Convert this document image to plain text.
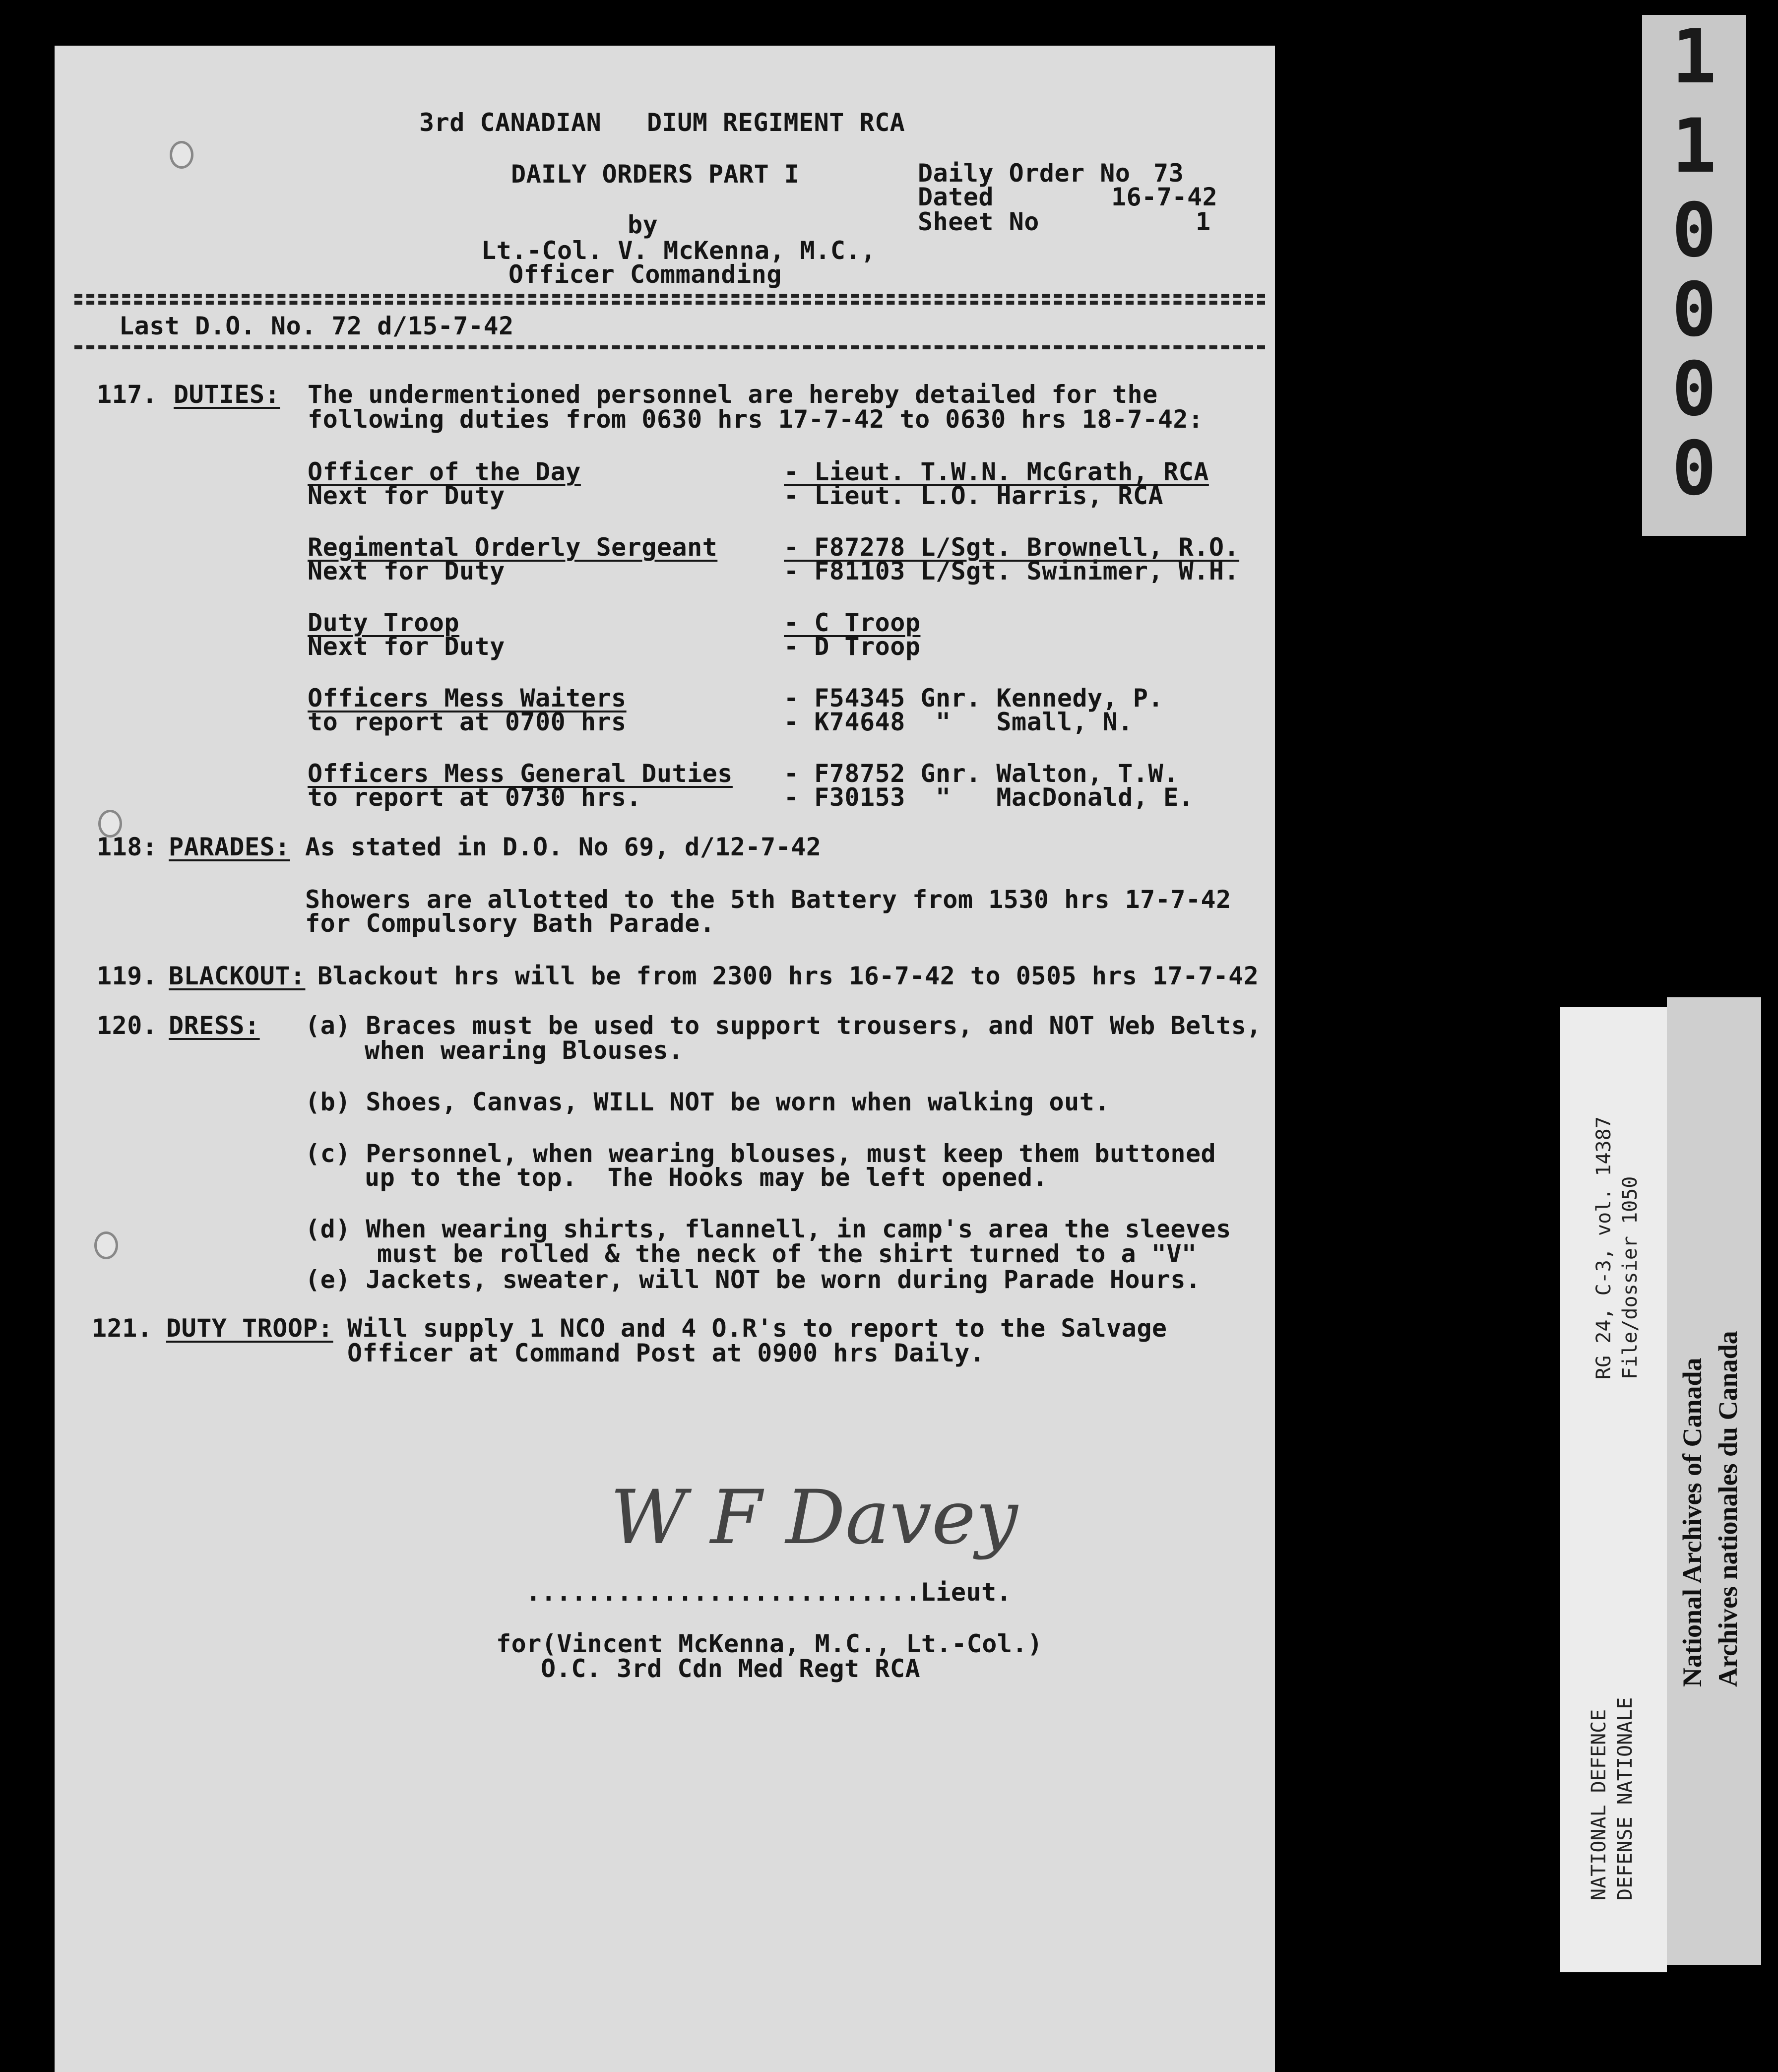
3rd CANADIAN   DIUM REGIMENT RCA
DAILY ORDERS PART I
by
Lt.-Col. V. McKenna, M.C.,
Officer Commanding
Daily Order No 73
Dated	16-7-42
Sheet No	1
Last D.O. No. 72 d/15-7-42
117. DUTIES: The undermentioned personnel are hereby detailed for the
following duties from 0630 hrs 17-7-42 to 0630 hrs 18-7-42:
Officer of the Day
Next for Duty
- Lieut. T.W.N. McGrath, RCA
- Lieut. L.O. Harris, RCA
Regimental Orderly Sergeant
Next for Duty
- F87278 L/Sgt. Brownell, R.O.
- F81103 L/Sgt. Swinimer, W.H.
Duty Troop
Next for Duty
- C Troop
- D Troop
Officers Mess Waiters
to report at 0700 hrs
- F54345 Gnr. Kennedy, P.
- K74648  "   Small, N.
Officers Mess General Duties
to report at 0730 hrs.
- F78752 Gnr. Walton, T.W.
- F30153  "   MacDonald, E.
118: PARADES: As stated in D.O. No 69, d/12-7-42
Showers are allotted to the 5th Battery from 1530 hrs 17-7-42
for Compulsory Bath Parade.
119. BLACKOUT: Blackout hrs will be from 2300 hrs 16-7-42 to 0505 hrs 17-7-42
120. DRESS: (a) Braces must be used to support trousers, and NOT Web Belts,
when wearing Blouses.
(b) Shoes, Canvas, WILL NOT be worn when walking out.
(c) Personnel, when wearing blouses, must keep them buttoned
up to the top.  The Hooks may be left opened.
(d) When wearing shirts, flannell, in camp's area the sleeves
must be rolled & the neck of the shirt turned to a "V"
(e) Jackets, sweater, will NOT be worn during Parade Hours.
121. DUTY TROOP: Will supply 1 NCO and 4 O.R's to report to the Salvage
Officer at Command Post at 0900 hrs Daily.
W F Davey
..........................Lieut.
for(Vincent McKenna, M.C., Lt.-Col.)
O.C. 3rd Cdn Med Regt RCA
1
1
0
0
0
0
RG 24, C-3, vol. 14387 File/dossier 1050
NATIONAL DEFENCE DEFENSE NATIONALE
National Archives of Canada Archives nationales du Canada
